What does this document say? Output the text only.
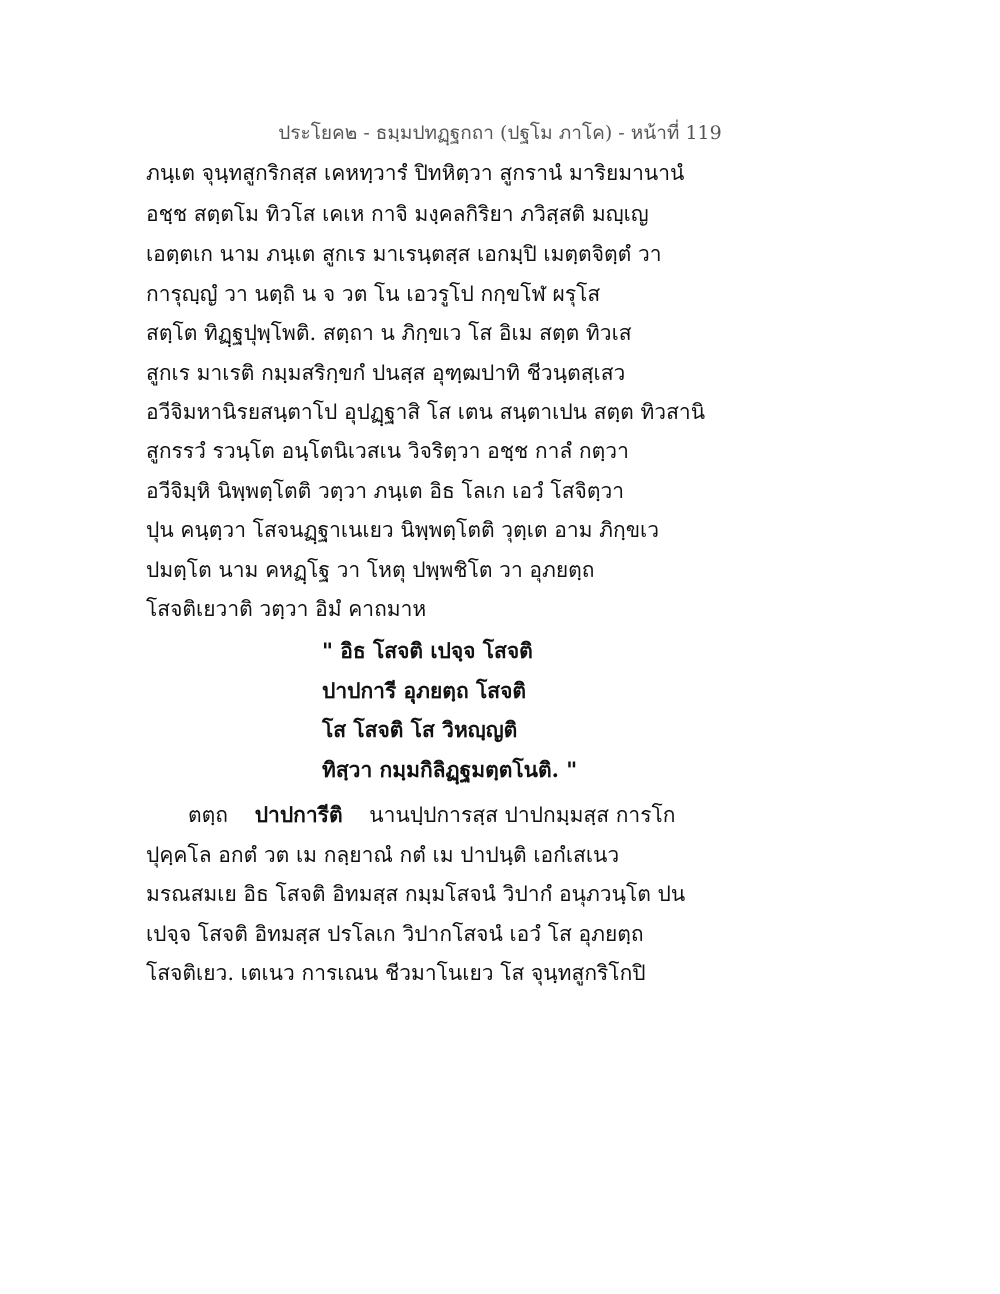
ประโยค๒ - ธมฺมปทฏฺฐกถา (ปฐโม ภาโค) - หน้าที่ 119
ภนฺเต จุนฺทสูกริกสฺส เคหทฺวารํ ปิทหิตฺวา สูกรานํ มาริยมานานํ
อชฺช สตฺตโม ทิวโส เคเห กาจิ มงฺคลกิริยา ภวิสฺสติ มญฺเญ
เอตฺตเก นาม ภนฺเต สูกเร มาเรนฺตสฺส เอกมฺปิ เมตฺตจิตฺตํ วา
การุญฺญํ วา นตฺถิ น จ วต โน เอวรูโป กกฺขโฬ ผรุโส
สตฺโต ทิฏฺฐปุพฺโพติ. สตฺถา น ภิกฺขเว โส อิเม สตฺต ทิวเส
สูกเร มาเรติ กมฺมสริกฺขกํ ปนสฺส อุฑฺฒปาทิ ชีวนฺตสฺเสว
อวีจิมหานิรยสนฺตาโป อุปฏฺฐาสิ โส เตน สนฺตาเปน สตฺต ทิวสานิ
สูกรรวํ รวนฺโต อนฺโตนิเวสเน วิจริตฺวา อชฺช กาลํ กตฺวา
อวีจิมฺหิ นิพฺพตฺโตติ วตฺวา ภนฺเต อิธ โลเก เอวํ โสจิตฺวา
ปุน คนฺตฺวา โสจนฏฺฐาเนเยว นิพฺพตฺโตติ วุตฺเต อาม ภิกฺขเว
ปมตฺโต นาม คหฏฺโฐ วา โหตุ ปพฺพชิโต วา อุภยตฺถ
โสจติเยวาติ วตฺวา อิมํ คาถมาห
" อิธ โสจติ เปจฺจ โสจติ
ปาปการี อุภยตฺถ โสจติ
โส โสจติ โส วิหญฺญติ
ทิสฺวา กมฺมกิลิฏฺฐมตฺตโนติ. "
ตตฺถ ปาปการีติ นานปฺปการสฺส ปาปกมฺมสฺส การโก
ปุคฺคโล อกตํ วต เม กลฺยาณํ กตํ เม ปาปนฺติ เอกํเสเนว
มรณสมเย อิธ โสจติ อิทมสฺส กมฺมโสจนํ วิปากํ อนุภวนฺโต ปน
เปจฺจ โสจติ อิทมสฺส ปรโลเก วิปากโสจนํ เอวํ โส อุภยตฺถ
โสจติเยว. เตเนว การเณน ชีวมาโนเยว โส จุนฺทสูกริโกปิ
